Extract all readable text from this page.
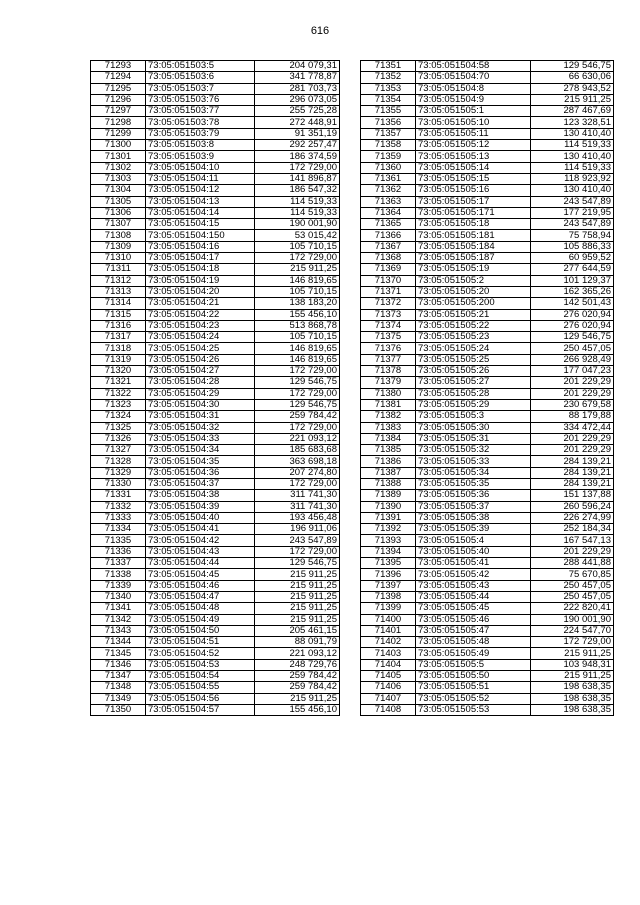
616
71293	73:05:051503:5	204 079,31
71294	73:05:051503:6	341 778,87
71295	73:05:051503:7	281 703,73
71296	73:05:051503:76	296 073,05
71297	73:05:051503:77	255 725,28
71298	73:05:051503:78	272 448,91
71299	73:05:051503:79	91 351,19
71300	73:05:051503:8	292 257,47
71301	73:05:051503:9	186 374,59
71302	73:05:051504:10	172 729,00
71303	73:05:051504:11	141 896,87
71304	73:05:051504:12	186 547,32
71305	73:05:051504:13	114 519,33
71306	73:05:051504:14	114 519,33
71307	73:05:051504:15	190 001,90
71308	73:05:051504:150	53 015,42
71309	73:05:051504:16	105 710,15
71310	73:05:051504:17	172 729,00
71311	73:05:051504:18	215 911,25
71312	73:05:051504:19	146 819,65
71313	73:05:051504:20	105 710,15
71314	73:05:051504:21	138 183,20
71315	73:05:051504:22	155 456,10
71316	73:05:051504:23	513 868,78
71317	73:05:051504:24	105 710,15
71318	73:05:051504:25	146 819,65
71319	73:05:051504:26	146 819,65
71320	73:05:051504:27	172 729,00
71321	73:05:051504:28	129 546,75
71322	73:05:051504:29	172 729,00
71323	73:05:051504:30	129 546,75
71324	73:05:051504:31	259 784,42
71325	73:05:051504:32	172 729,00
71326	73:05:051504:33	221 093,12
71327	73:05:051504:34	185 683,68
71328	73:05:051504:35	363 698,18
71329	73:05:051504:36	207 274,80
71330	73:05:051504:37	172 729,00
71331	73:05:051504:38	311 741,30
71332	73:05:051504:39	311 741,30
71333	73:05:051504:40	193 456,48
71334	73:05:051504:41	196 911,06
71335	73:05:051504:42	243 547,89
71336	73:05:051504:43	172 729,00
71337	73:05:051504:44	129 546,75
71338	73:05:051504:45	215 911,25
71339	73:05:051504:46	215 911,25
71340	73:05:051504:47	215 911,25
71341	73:05:051504:48	215 911,25
71342	73:05:051504:49	215 911,25
71343	73:05:051504:50	205 461,15
71344	73:05:051504:51	88 091,79
71345	73:05:051504:52	221 093,12
71346	73:05:051504:53	248 729,76
71347	73:05:051504:54	259 784,42
71348	73:05:051504:55	259 784,42
71349	73:05:051504:56	215 911,25
71350	73:05:051504:57	155 456,10
71351	73:05:051504:58	129 546,75
71352	73:05:051504:70	66 630,06
71353	73:05:051504:8	278 943,52
71354	73:05:051504:9	215 911,25
71355	73:05:051505:1	287 467,69
71356	73:05:051505:10	123 328,51
71357	73:05:051505:11	130 410,40
71358	73:05:051505:12	114 519,33
71359	73:05:051505:13	130 410,40
71360	73:05:051505:14	114 519,33
71361	73:05:051505:15	118 923,92
71362	73:05:051505:16	130 410,40
71363	73:05:051505:17	243 547,89
71364	73:05:051505:171	177 219,95
71365	73:05:051505:18	243 547,89
71366	73:05:051505:181	75 758,94
71367	73:05:051505:184	105 886,33
71368	73:05:051505:187	60 959,52
71369	73:05:051505:19	277 644,59
71370	73:05:051505:2	101 129,37
71371	73:05:051505:20	162 365,26
71372	73:05:051505:200	142 501,43
71373	73:05:051505:21	276 020,94
71374	73:05:051505:22	276 020,94
71375	73:05:051505:23	129 546,75
71376	73:05:051505:24	250 457,05
71377	73:05:051505:25	266 928,49
71378	73:05:051505:26	177 047,23
71379	73:05:051505:27	201 229,29
71380	73:05:051505:28	201 229,29
71381	73:05:051505:29	230 679,58
71382	73:05:051505:3	88 179,88
71383	73:05:051505:30	334 472,44
71384	73:05:051505:31	201 229,29
71385	73:05:051505:32	201 229,29
71386	73:05:051505:33	284 139,21
71387	73:05:051505:34	284 139,21
71388	73:05:051505:35	284 139,21
71389	73:05:051505:36	151 137,88
71390	73:05:051505:37	260 596,24
71391	73:05:051505:38	226 274,99
71392	73:05:051505:39	252 184,34
71393	73:05:051505:4	167 547,13
71394	73:05:051505:40	201 229,29
71395	73:05:051505:41	288 441,88
71396	73:05:051505:42	75 670,85
71397	73:05:051505:43	250 457,05
71398	73:05:051505:44	250 457,05
71399	73:05:051505:45	222 820,41
71400	73:05:051505:46	190 001,90
71401	73:05:051505:47	224 547,70
71402	73:05:051505:48	172 729,00
71403	73:05:051505:49	215 911,25
71404	73:05:051505:5	103 948,31
71405	73:05:051505:50	215 911,25
71406	73:05:051505:51	198 638,35
71407	73:05:051505:52	198 638,35
71408	73:05:051505:53	198 638,35
